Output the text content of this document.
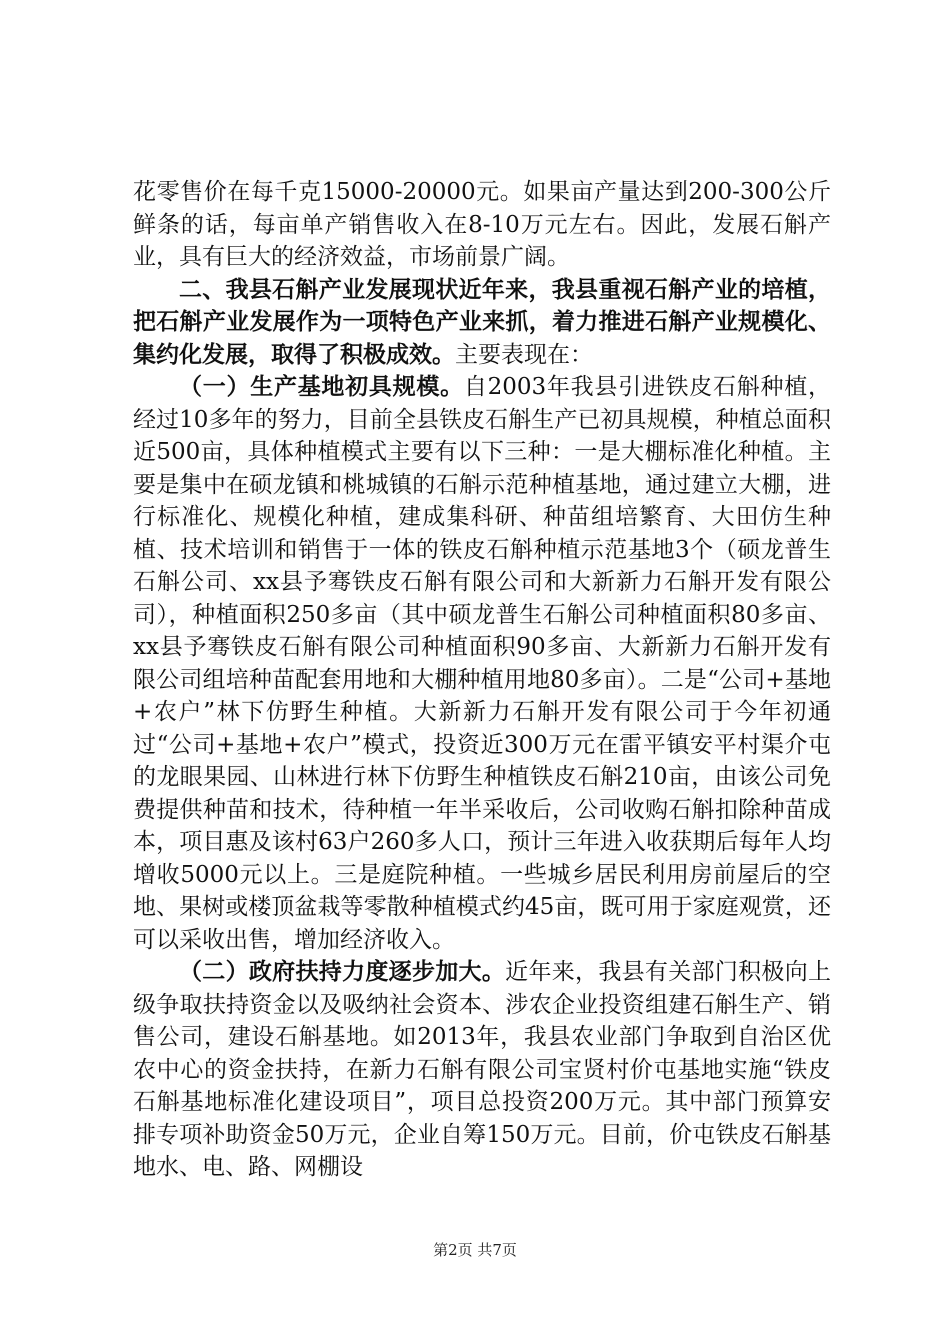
花零售价在每千克15000-20000元。如果亩产量达到200-300公斤鲜条的话，每亩单产销售收入在8-10万元左右。因此，发展石斛产业，具有巨大的经济效益，市场前景广阔。

二、我县石斛产业发展现状近年来，我县重视石斛产业的培植，把石斛产业发展作为一项特色产业来抓，着力推进石斛产业规模化、集约化发展，取得了积极成效。主要表现在：

（一）生产基地初具规模。自2003年我县引进铁皮石斛种植，经过10多年的努力，目前全县铁皮石斛生产已初具规模，种植总面积近500亩，具体种植模式主要有以下三种：一是大棚标准化种植。主要是集中在硕龙镇和桃城镇的石斛示范种植基地，通过建立大棚，进行标准化、规模化种植，建成集科研、种苗组培繁育、大田仿生种植、技术培训和销售于一体的铁皮石斛种植示范基地3个（硕龙普生石斛公司、xx县予骞铁皮石斛有限公司和大新新力石斛开发有限公司），种植面积250多亩（其中硕龙普生石斛公司种植面积80多亩、xx县予骞铁皮石斛有限公司种植面积90多亩、大新新力石斛开发有限公司组培种苗配套用地和大棚种植用地80多亩）。二是“公司+基地+农户”林下仿野生种植。大新新力石斛开发有限公司于今年初通过“公司+基地+农户”模式，投资近300万元在雷平镇安平村渠介屯的龙眼果园、山林进行林下仿野生种植铁皮石斛210亩，由该公司免费提供种苗和技术，待种植一年半采收后，公司收购石斛扣除种苗成本，项目惠及该村63户260多人口，预计三年进入收获期后每年人均增收5000元以上。三是庭院种植。一些城乡居民利用房前屋后的空地、果树或楼顶盆栽等零散种植模式约45亩，既可用于家庭观赏，还可以采收出售，增加经济收入。

（二）政府扶持力度逐步加大。近年来，我县有关部门积极向上级争取扶持资金以及吸纳社会资本、涉农企业投资组建石斛生产、销售公司，建设石斛基地。如2013年，我县农业部门争取到自治区优农中心的资金扶持，在新力石斛有限公司宝贤村价屯基地实施“铁皮石斛基地标准化建设项目”，项目总投资200万元。其中部门预算安排专项补助资金50万元，企业自筹150万元。目前，价屯铁皮石斛基地水、电、路、网棚设

第2页 共7页
